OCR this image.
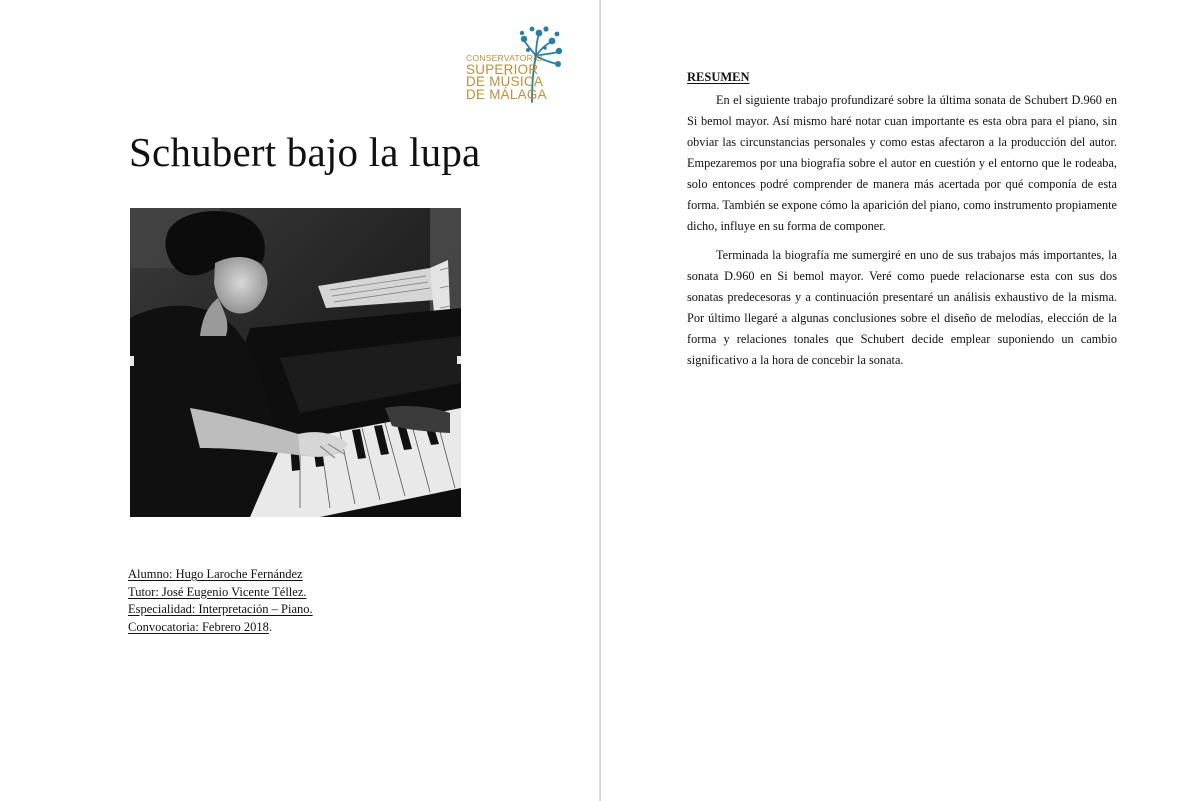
CONSERVATORIO
SUPERIOR
DE MÚSICA
DE MÁLAGA
Schubert bajo la lupa
Alumno: Hugo Laroche Fernández
Tutor: José Eugenio Vicente Téllez.
Especialidad: Interpretación – Piano.
Convocatoria: Febrero 2018.
RESUMEN

En el siguiente trabajo profundizaré sobre la última sonata de Schubert D.960 en Si bemol mayor. Así mismo haré notar cuan importante es esta obra para el piano, sin obviar las circunstancias personales y como estas afectaron a la producción del autor. Empezaremos por una biografía sobre el autor en cuestión y el entorno que le rodeaba, solo entonces podré comprender de manera más acertada por qué componía de esta forma. También se expone cómo la aparición del piano, como instrumento propiamente dicho, influye en su forma de componer.

Terminada la biografía me sumergiré en uno de sus trabajos más importantes, la sonata D.960 en Si bemol mayor. Veré como puede relacionarse esta con sus dos sonatas predecesoras y a continuación presentaré un análisis exhaustivo de la misma. Por último llegaré a algunas conclusiones sobre el diseño de melodías, elección de la forma y relaciones tonales que Schubert decide emplear suponiendo un cambio significativo a la hora de concebir la sonata.
